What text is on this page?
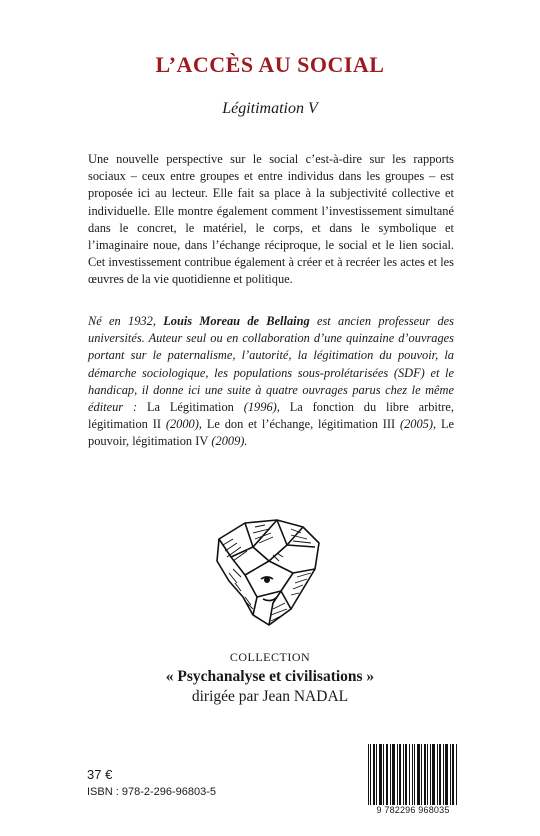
L’ACCÈS AU SOCIAL
Légitimation V
Une nouvelle perspective sur le social c’est-à-dire sur les rapports sociaux – ceux entre groupes et entre individus dans les groupes – est proposée ici au lecteur. Elle fait sa place à la subjectivité collective et individuelle. Elle montre également comment l’investissement simultané dans le concret, le matériel, le corps, et dans le symbolique et l’imaginaire noue, dans l’échange réciproque, le social et le lien social. Cet investissement contribue également à créer et à recréer les actes et les œuvres de la vie quotidienne et politique.
Né en 1932, Louis Moreau de Bellaing est ancien professeur des universités. Auteur seul ou en collaboration d’une quinzaine d’ouvrages portant sur le paternalisme, l’autorité, la légitimation du pouvoir, la démarche sociologique, les populations sous-prolétarisées (SDF) et le handicap, il donne ici une suite à quatre ouvrages parus chez le même éditeur : La Légitimation (1996), La fonction du libre arbitre, légitimation II (2000), Le don et l’échange, légitimation III (2005), Le pouvoir, légitimation IV (2009).
COLLECTION
« Psychanalyse et civilisations »
dirigée par Jean NADAL
37 €
ISBN : 978-2-296-96803-5
9 782296 968035
